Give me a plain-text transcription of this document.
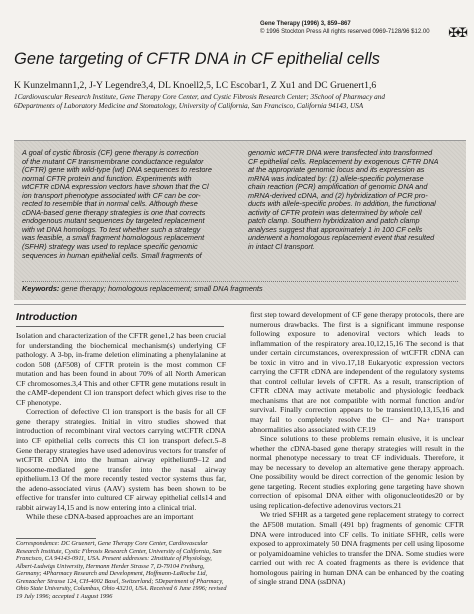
Gene Therapy (1996) 3, 859–867
© 1996 Stockton Press All rights reserved 0969-7128/96 $12.00 ✠✠
Gene targeting of CFTR DNA in CF epithelial cells
K Kunzelmann1,2, J-Y Legendre3,4, DL Knoell2,5, LC Escobar1, Z Xu1 and DC Gruenert1,6
1Cardiovascular Research Institute, Gene Therapy Core Center, and Cystic Fibrosis Research Center; 3School of Pharmacy and
6Departments of Laboratory Medicine and Stomatology, University of California, San Francisco, California 94143, USA
A goal of cystic fibrosis (CF) gene therapy is correction
of the mutant CF transmembrane conductance regulator
(CFTR) gene with wild-type (wt) DNA sequences to restore
normal CFTR protein and function. Experiments with
wtCFTR cDNA expression vectors have shown that the Cl
ion transport phenotype associated with CF can be cor-
rected to resemble that in normal cells. Although these
cDNA-based gene therapy strategies is one that corrects
endogenous mutant sequences by targeted replacement
with wt DNA homologs. To test whether such a strategy
was feasible, a small fragment homologous replacement
(SFHR) strategy was used to replace specific genomic
sequences in human epithelial cells. Small fragments of
genomic wtCFTR DNA were transfected into transformed
CF epithelial cells. Replacement by exogenous CFTR DNA
at the appropriate genomic locus and its expression as
mRNA was indicated by: (1) allele-specific polymerase
chain reaction (PCR) amplification of genomic DNA and
mRNA-derived cDNA, and (2) hybridization of PCR pro-
ducts with allele-specific probes. In addition, the functional
activity of CFTR protein was determined by whole cell
patch clamp. Southern hybridization and patch clamp
analyses suggest that approximately 1 in 100 CF cells
underwent a homologous replacement event that resulted
in intact Cl transport.
Keywords: gene therapy; homologous replacement; small DNA fragments
Introduction

Isolation and characterization of the CFTR gene1,2 has been crucial for understanding the biochemical mechanism(s) underlying CF pathology. A 3-bp, in-frame deletion eliminating a phenylalanine at codon 508 (ΔF508) of CFTR protein is the most common CF mutation and has been found in about 70% of all North American CF chromosomes.3,4 This and other CFTR gene mutations result in the cAMP-dependent Cl ion transport defect which gives rise to the CF phenotype.

Correction of defective Cl ion transport is the basis for all CF gene therapy strategies. Initial in vitro studies showed that introduction of recombinant viral vectors carrying wtCFTR cDNA into CF epithelial cells corrects this Cl ion transport defect.5–8 Gene therapy strategies have used adenovirus vectors for transfer of wtCFTR cDNA into the human airway epithelium9–12 and liposome-mediated gene transfer into the nasal airway epithelium.13 Of the more recently tested vector systems thus far, the adeno-associated virus (AAV) system has been shown to be effective for transfer into cultured CF airway epithelial cells14 and rabbit airway14,15 and is now entering into a clinical trial.

While these cDNA-based approaches are an important

first step toward development of CF gene therapy protocols, there are numerous drawbacks. The first is a significant immune response following exposure to adenoviral vectors which leads to inflammation of the respiratory area.10,12,15,16 The second is that under certain circumstances, overexpression of wtCFTR cDNA can be toxic in vitro and in vivo.17,18 Eukaryotic expression vectors carrying the CFTR cDNA are independent of the regulatory systems that control cellular levels of CFTR. As a result, transcription of CFTR cDNA may activate metabolic and physiologic feedback mechanisms that are not compatible with normal function and/or survival. Finally correction appears to be transient10,13,15,16 and may fail to completely resolve the Cl− and Na+ transport abnormalities also associated with CF.19

Since solutions to these problems remain elusive, it is unclear whether the cDNA-based gene therapy strategies will result in the normal phenotype necessary to treat CF individuals. Therefore, it may be necessary to develop an alternative gene therapy approach. One possibility would be direct correction of the genomic lesion by gene targeting. Recent studies exploring gene targeting have shown correction of episomal DNA either with oligonucleotides20 or by using replication-defective adenovirus vectors.21

We tried SFHR as a targeted gene replacement strategy to correct the ΔF508 mutation. Small (491 bp) fragments of genomic CFTR DNA were introduced into CF cells. To initiate SFHR, cells were exposed to approximately 50 DNA fragments per cell using liposome or polyamidoamine vehicles to transfer the DNA. Some studies were carried out with rec A coated fragments as there is evidence that homologous pairing in human DNA can be enhanced by the coating of single strand DNA (ssDNA)

Correspondence: DC Gruenert, Gene Therapy Core Center, Cardiovascular Research Institute, Cystic Fibrosis Research Center, University of California, San Francisco, CA 94143-0911, USA. Present addresses: 2Institute of Physiology, Albert-Ludwigs University, Hermann Herder Strasse 7, D-79104 Freiburg, Germany; 4Pharmacy Research and Development, Hoffmann-LaRoche Ltd, Grenzacher Strasse 124, CH-4002 Basel, Switzerland; 5Department of Pharmacy, Ohio State University, Columbus, Ohio 43210, USA. Received 6 June 1996; revised 19 July 1996; accepted 1 August 1996
